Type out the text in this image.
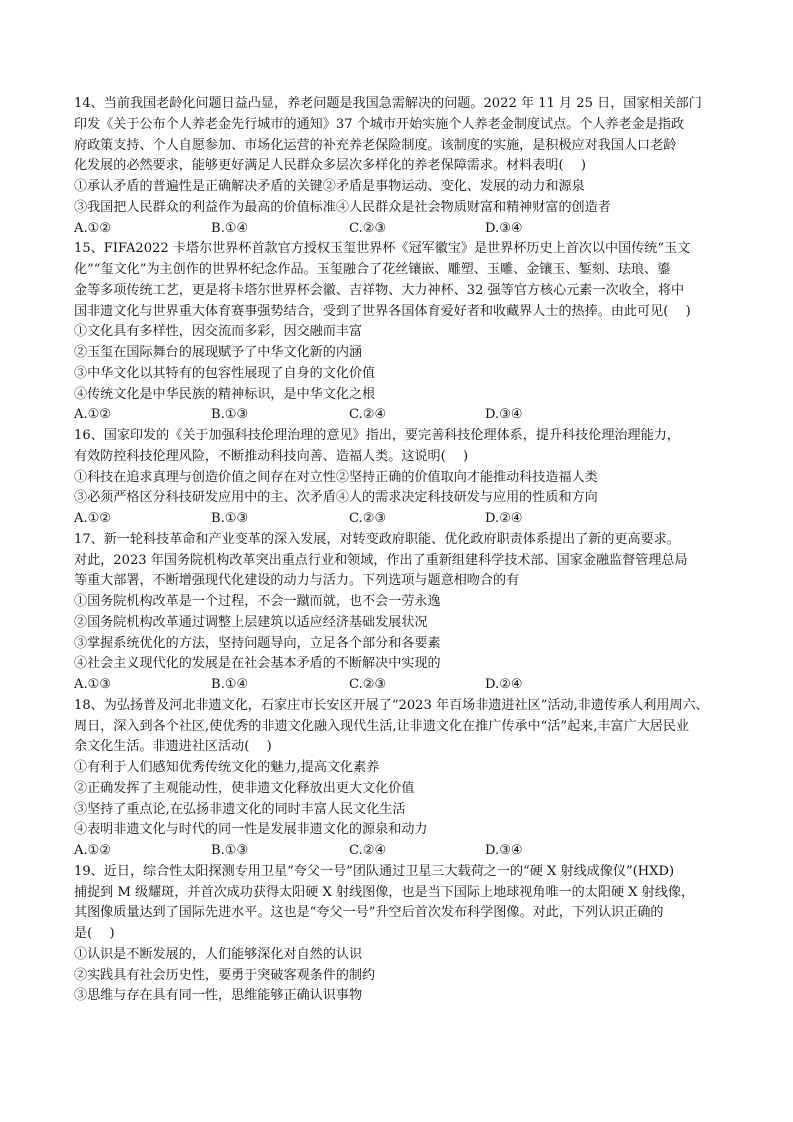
14、当前我国老龄化问题日益凸显，养老问题是我国急需解决的问题。2022 年 11 月 25 日，国家相关部门
印发《关于公布个人养老金先行城市的通知》37 个城市开始实施个人养老金制度试点。个人养老金是指政
府政策支持、个人自愿参加、市场化运营的补充养老保险制度。该制度的实施，是积极应对我国人口老龄
化发展的必然要求，能够更好满足人民群众多层次多样化的养老保障需求。材料表明(　 )
①承认矛盾的普遍性是正确解决矛盾的关键②矛盾是事物运动、变化、发展的动力和源泉
③我国把人民群众的利益作为最高的价值标准④人民群众是社会物质财富和精神财富的创造者
A.①②	B.①④	C.②③	D.③④
15、FIFA2022 卡塔尔世界杯首款官方授权玉玺世界杯《冠军徽宝》是世界杯历史上首次以中国传统“玉文
化”“玺文化”为主创作的世界杯纪念作品。玉玺融合了花丝镶嵌、雕塑、玉雕、金镶玉、錾刻、珐琅、鎏
金等多项传统工艺，更是将卡塔尔世界杯会徽、吉祥物、大力神杯、32 强等官方核心元素一次收全，将中
国非遗文化与世界重大体育赛事强势结合，受到了世界各国体育爱好者和收藏界人士的热捧。由此可见(　 )
①文化具有多样性，因交流而多彩，因交融而丰富
②玉玺在国际舞台的展现赋予了中华文化新的内涵
③中华文化以其特有的包容性展现了自身的文化价值
④传统文化是中华民族的精神标识，是中华文化之根
A.①②	B.①③	C.②④	D.③④
16、国家印发的《关于加强科技伦理治理的意见》指出，要完善科技伦理体系，提升科技伦理治理能力，
有效防控科技伦理风险，不断推动科技向善、造福人类。这说明(　 )
①科技在追求真理与创造价值之间存在对立性②坚持正确的价值取向才能推动科技造福人类
③必须严格区分科技研发应用中的主、次矛盾④人的需求决定科技研发与应用的性质和方向
A.①②	B.①③	C.②③	D.②④
17、新一轮科技革命和产业变革的深入发展，对转变政府职能、优化政府职责体系提出了新的更高要求。
对此，2023 年国务院机构改革突出重点行业和领域，作出了重新组建科学技术部、国家金融监督管理总局
等重大部署，不断增强现代化建设的动力与活力。下列选项与题意相吻合的有
①国务院机构改革是一个过程，不会一蹴而就，也不会一劳永逸
②国务院机构改革通过调整上层建筑以适应经济基础发展状况
③掌握系统优化的方法，坚持问题导向，立足各个部分和各要素
④社会主义现代化的发展是在社会基本矛盾的不断解决中实现的
A.①③	B.①④	C.②③	D.②④
18、为弘扬普及河北非遗文化，石家庄市长安区开展了“2023 年百场非遗进社区”活动,非遗传承人利用周六、
周日，深入到各个社区,使优秀的非遗文化融入现代生活,让非遗文化在推广传承中“活”起来,丰富广大居民业
余文化生活。非遗进社区活动(　 )
①有利于人们感知优秀传统文化的魅力,提高文化素养
②正确发挥了主观能动性，使非遗文化释放出更大文化价值
③坚持了重点论,在弘扬非遗文化的同时丰富人民文化生活
④表明非遗文化与时代的同一性是发展非遗文化的源泉和动力
A.①②	B.①③	C.②④	D.③④
19、近日，综合性太阳探测专用卫星“夸父一号”团队通过卫星三大载荷之一的“硬 X 射线成像仪”(HXD)
捕捉到 M 级耀斑，并首次成功获得太阳硬 X 射线图像，也是当下国际上地球视角唯一的太阳硬 X 射线像，
其图像质量达到了国际先进水平。这也是“夸父一号”升空后首次发布科学图像。对此，下列认识正确的
是(　 )
①认识是不断发展的，人们能够深化对自然的认识
②实践具有社会历史性，要勇于突破客观条件的制约
③思维与存在具有同一性，思维能够正确认识事物
